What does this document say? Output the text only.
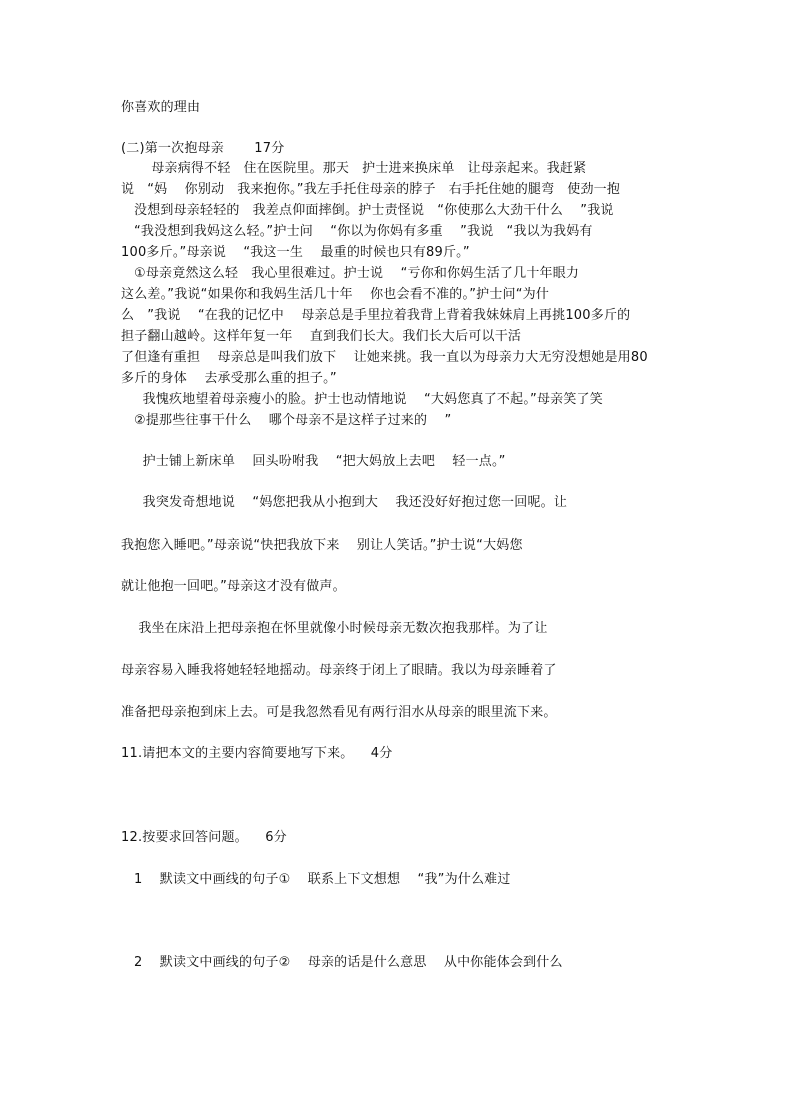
你喜欢的理由
(二)第一次抱母亲       17分
母亲病得不轻   住在医院里。那天   护士进来换床单   让母亲起来。我赶紧
说   “妈    你别动   我来抱你。”我左手托住母亲的脖子   右手托住她的腿弯   使劲一抱
没想到母亲轻轻的   我差点仰面摔倒。护士责怪说   “你使那么大劲干什么    ”我说
“我没想到我妈这么轻。”护士问    “你以为你妈有多重    ”我说   “我以为我妈有
100多斤。”母亲说    “我这一生    最重的时候也只有89斤。”
①母亲竟然这么轻   我心里很难过。护士说    “亏你和你妈生活了几十年眼力
这么差。”我说“如果你和我妈生活几十年    你也会看不准的。”护士问“为什
么   ”我说    “在我的记忆中    母亲总是手里拉着我背上背着我妹妹肩上再挑100多斤的
担子翻山越岭。这样年复一年    直到我们长大。我们长大后可以干活
了但逢有重担    母亲总是叫我们放下    让她来挑。我一直以为母亲力大无穷没想她是用80
多斤的身体    去承受那么重的担子。”
我愧疚地望着母亲瘦小的脸。护士也动情地说    “大妈您真了不起。”母亲笑了笑
②提那些往事干什么    哪个母亲不是这样子过来的    ”
护士铺上新床单    回头吩咐我    “把大妈放上去吧    轻一点。”
我突发奇想地说    “妈您把我从小抱到大    我还没好好抱过您一回呢。让
我抱您入睡吧。”母亲说“快把我放下来    别让人笑话。”护士说“大妈您
就让他抱一回吧。”母亲这才没有做声。
我坐在床沿上把母亲抱在怀里就像小时候母亲无数次抱我那样。为了让
母亲容易入睡我将她轻轻地摇动。母亲终于闭上了眼睛。我以为母亲睡着了
准备把母亲抱到床上去。可是我忽然看见有两行泪水从母亲的眼里流下来。
11.请把本文的主要内容简要地写下来。    4分
12.按要求回答问题。    6分
1    默读文中画线的句子①    联系上下文想想    “我”为什么难过
2    默读文中画线的句子②    母亲的话是什么意思    从中你能体会到什么
